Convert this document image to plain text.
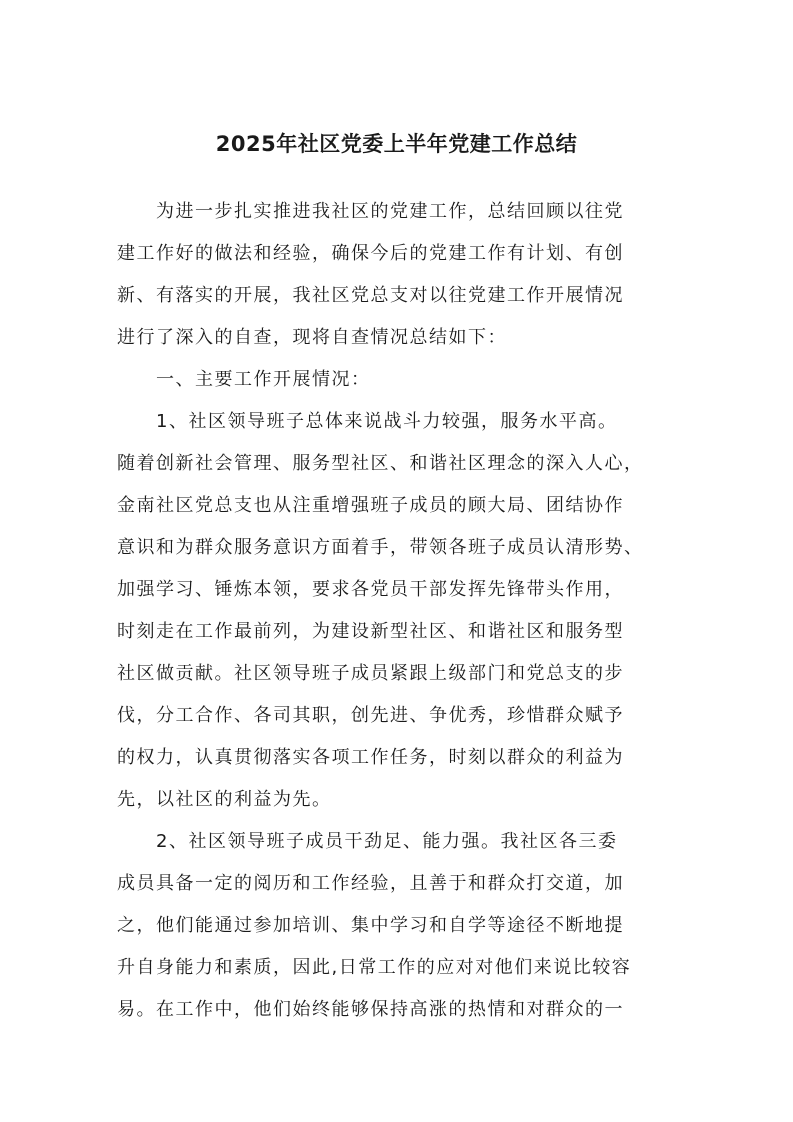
2025年社区党委上半年党建工作总结
　　为进一步扎实推进我社区的党建工作，总结回顾以往党
建工作好的做法和经验，确保今后的党建工作有计划、有创
新、有落实的开展，我社区党总支对以往党建工作开展情况
进行了深入的自查，现将自查情况总结如下：
　　一、主要工作开展情况：
　　1、社区领导班子总体来说战斗力较强，服务水平高。
随着创新社会管理、服务型社区、和谐社区理念的深入人心，
金南社区党总支也从注重增强班子成员的顾大局、团结协作
意识和为群众服务意识方面着手，带领各班子成员认清形势、
加强学习、锤炼本领，要求各党员干部发挥先锋带头作用，
时刻走在工作最前列，为建设新型社区、和谐社区和服务型
社区做贡献。社区领导班子成员紧跟上级部门和党总支的步
伐，分工合作、各司其职，创先进、争优秀，珍惜群众赋予
的权力，认真贯彻落实各项工作任务，时刻以群众的利益为
先，以社区的利益为先。
　　2、社区领导班子成员干劲足、能力强。我社区各三委
成员具备一定的阅历和工作经验，且善于和群众打交道，加
之，他们能通过参加培训、集中学习和自学等途径不断地提
升自身能力和素质，因此,日常工作的应对对他们来说比较容
易。在工作中，他们始终能够保持高涨的热情和对群众的一
